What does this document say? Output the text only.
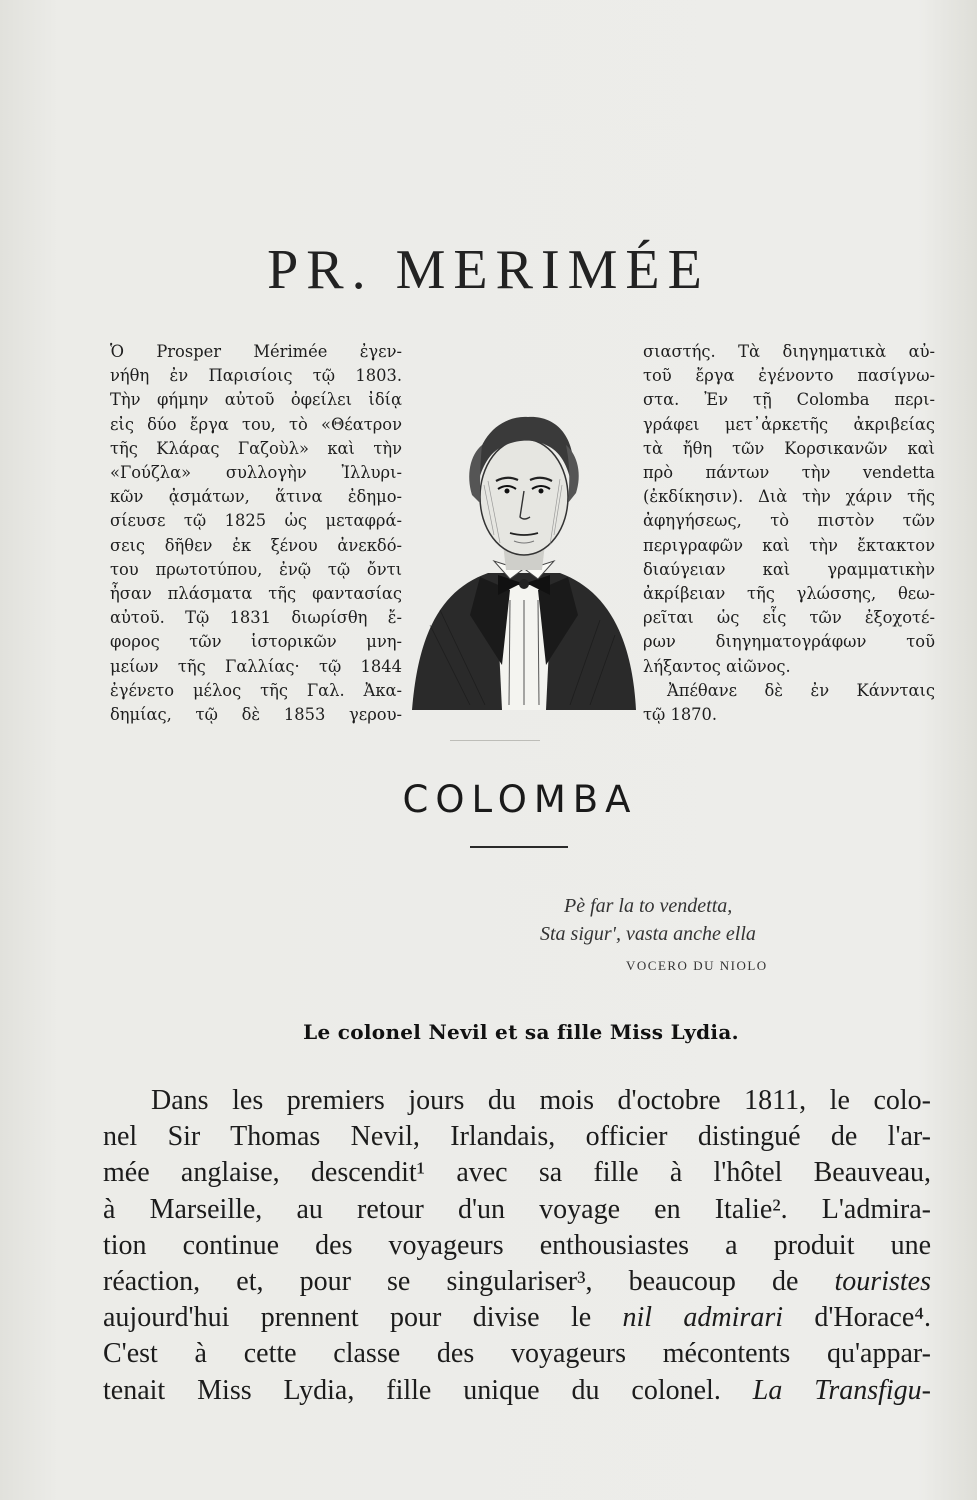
PR. MERIMÉE

Ὁ Prosper Mérimée ἐγεν-

νήθη ἐν Παρισίοις τῷ 1803.

Τὴν φήμην αὐτοῦ ὀφείλει ἰδίᾳ

εἰς δύο ἔργα του, τὸ «Θέατρον

τῆς Κλάρας Γαζοὺλ» καὶ τὴν

«Γούζλα» συλλογὴν Ἰλλυρι-

κῶν ᾀσμάτων, ἅτινα ἐδημο-

σίευσε τῷ 1825 ὡς μεταφρά-

σεις δῆθεν ἐκ ξένου ἀνεκδό-

του πρωτοτύπου, ἐνῷ τῷ ὄντι

ἦσαν πλάσματα τῆς φαντασίας

αὐτοῦ. Τῷ 1831 διωρίσθη ἔ-

φορος τῶν ἱστορικῶν μνη-

μείων τῆς Γαλλίας· τῷ 1844

ἐγένετο μέλος τῆς Γαλ. Ἀκα-

δημίας, τῷ δὲ 1853 γερου-

σιαστής. Τὰ διηγηματικὰ αὐ-

τοῦ ἔργα ἐγένοντο πασίγνω-

στα. Ἐν τῇ Colomba περι-

γράφει μετ᾽ἀρκετῆς ἀκριβείας

τὰ ἤθη τῶν Κορσικανῶν καὶ

πρὸ πάντων τὴν vendetta

(ἐκδίκησιν). Διὰ τὴν χάριν τῆς

ἀφηγήσεως, τὸ πιστὸν τῶν

περιγραφῶν καὶ τὴν ἔκτακτον

διαύγειαν καὶ γραμματικὴν

ἀκρίβειαν τῆς γλώσσης, θεω-

ρεῖται ὡς εἷς τῶν ἐξοχοτέ-

ρων διηγηματογράφων τοῦ

λήξαντος αἰῶνος.

Ἀπέθανε δὲ ἐν Κάννταις

τῷ 1870.

COLOMBA
Pè far la to vendetta,
Sta sigur', vasta anche ella
VOCERO DU NIOLO
Le colonel Nevil et sa fille Miss Lydia.
Dans les premiers jours du mois d'octobre 1811, le colo-
nel Sir Thomas Nevil, Irlandais, officier distingué de l'ar-
mée anglaise, descendit¹ avec sa fille à l'hôtel Beauveau,
à Marseille, au retour d'un voyage en Italie². L'admira-
tion continue des voyageurs enthousiastes a produit une
réaction, et, pour se singulariser³, beaucoup de touristes
aujourd'hui prennent pour divise le nil admirari d'Horace⁴.
C'est à cette classe des voyageurs mécontents qu'appar-
tenait Miss Lydia, fille unique du colonel. La Transfigu-
